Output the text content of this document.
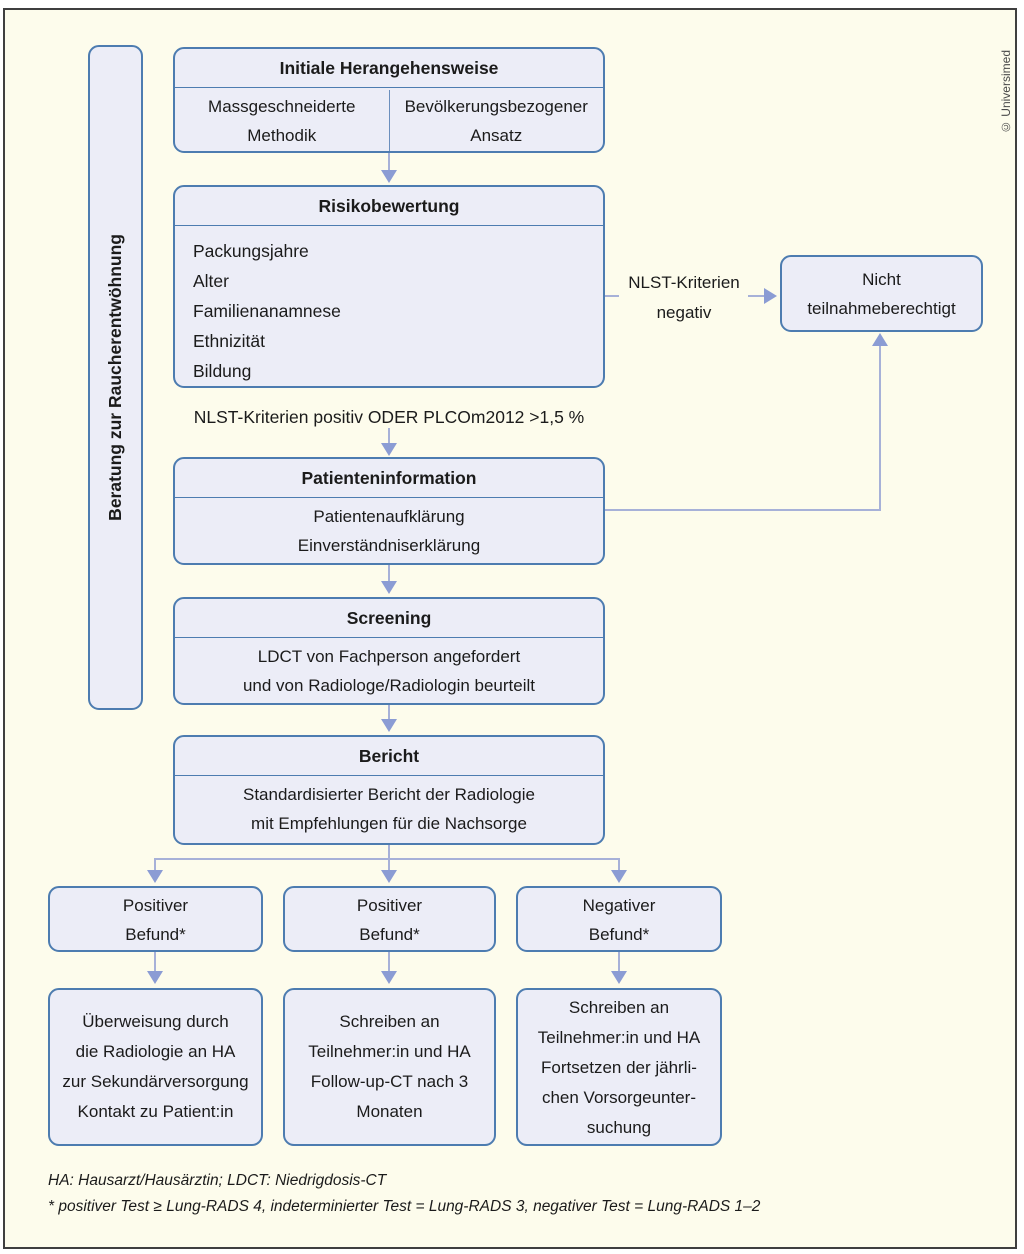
Beratung zur Raucherentwöhnung
Initiale Herangehensweise
Massgeschneiderte
Methodik
Bevölkerungsbezogener
Ansatz
Risikobewertung
Packungsjahre
Alter
Familienanamnese
Ethnizität
Bildung
NLST-Kriterien
negativ
Nicht
teilnahmeberechtigt
NLST-Kriterien positiv ODER PLCOm2012 >1,5 %
Patienteninformation
Patientenaufklärung
Einverständniserklärung
Screening
LDCT von Fachperson angefordert
und von Radiologe/Radiologin beurteilt
Bericht
Standardisierter Bericht der Radiologie
mit Empfehlungen für die Nachsorge
Positiver
Befund*
Positiver
Befund*
Negativer
Befund*
Überweisung durch
die Radiologie an HA
zur Sekundärversorgung
Kontakt zu Patient:in
Schreiben an
Teilnehmer:in und HA
Follow-up-CT nach 3
Monaten
Schreiben an
Teilnehmer:in und HA
Fortsetzen der jährli-
chen Vorsorgeunter-
suchung
HA: Hausarzt/Hausärztin; LDCT: Niedrigdosis-CT
* positiver Test ≥ Lung-RADS 4, indeterminierter Test = Lung-RADS 3, negativer Test = Lung-RADS 1–2
© Universimed
